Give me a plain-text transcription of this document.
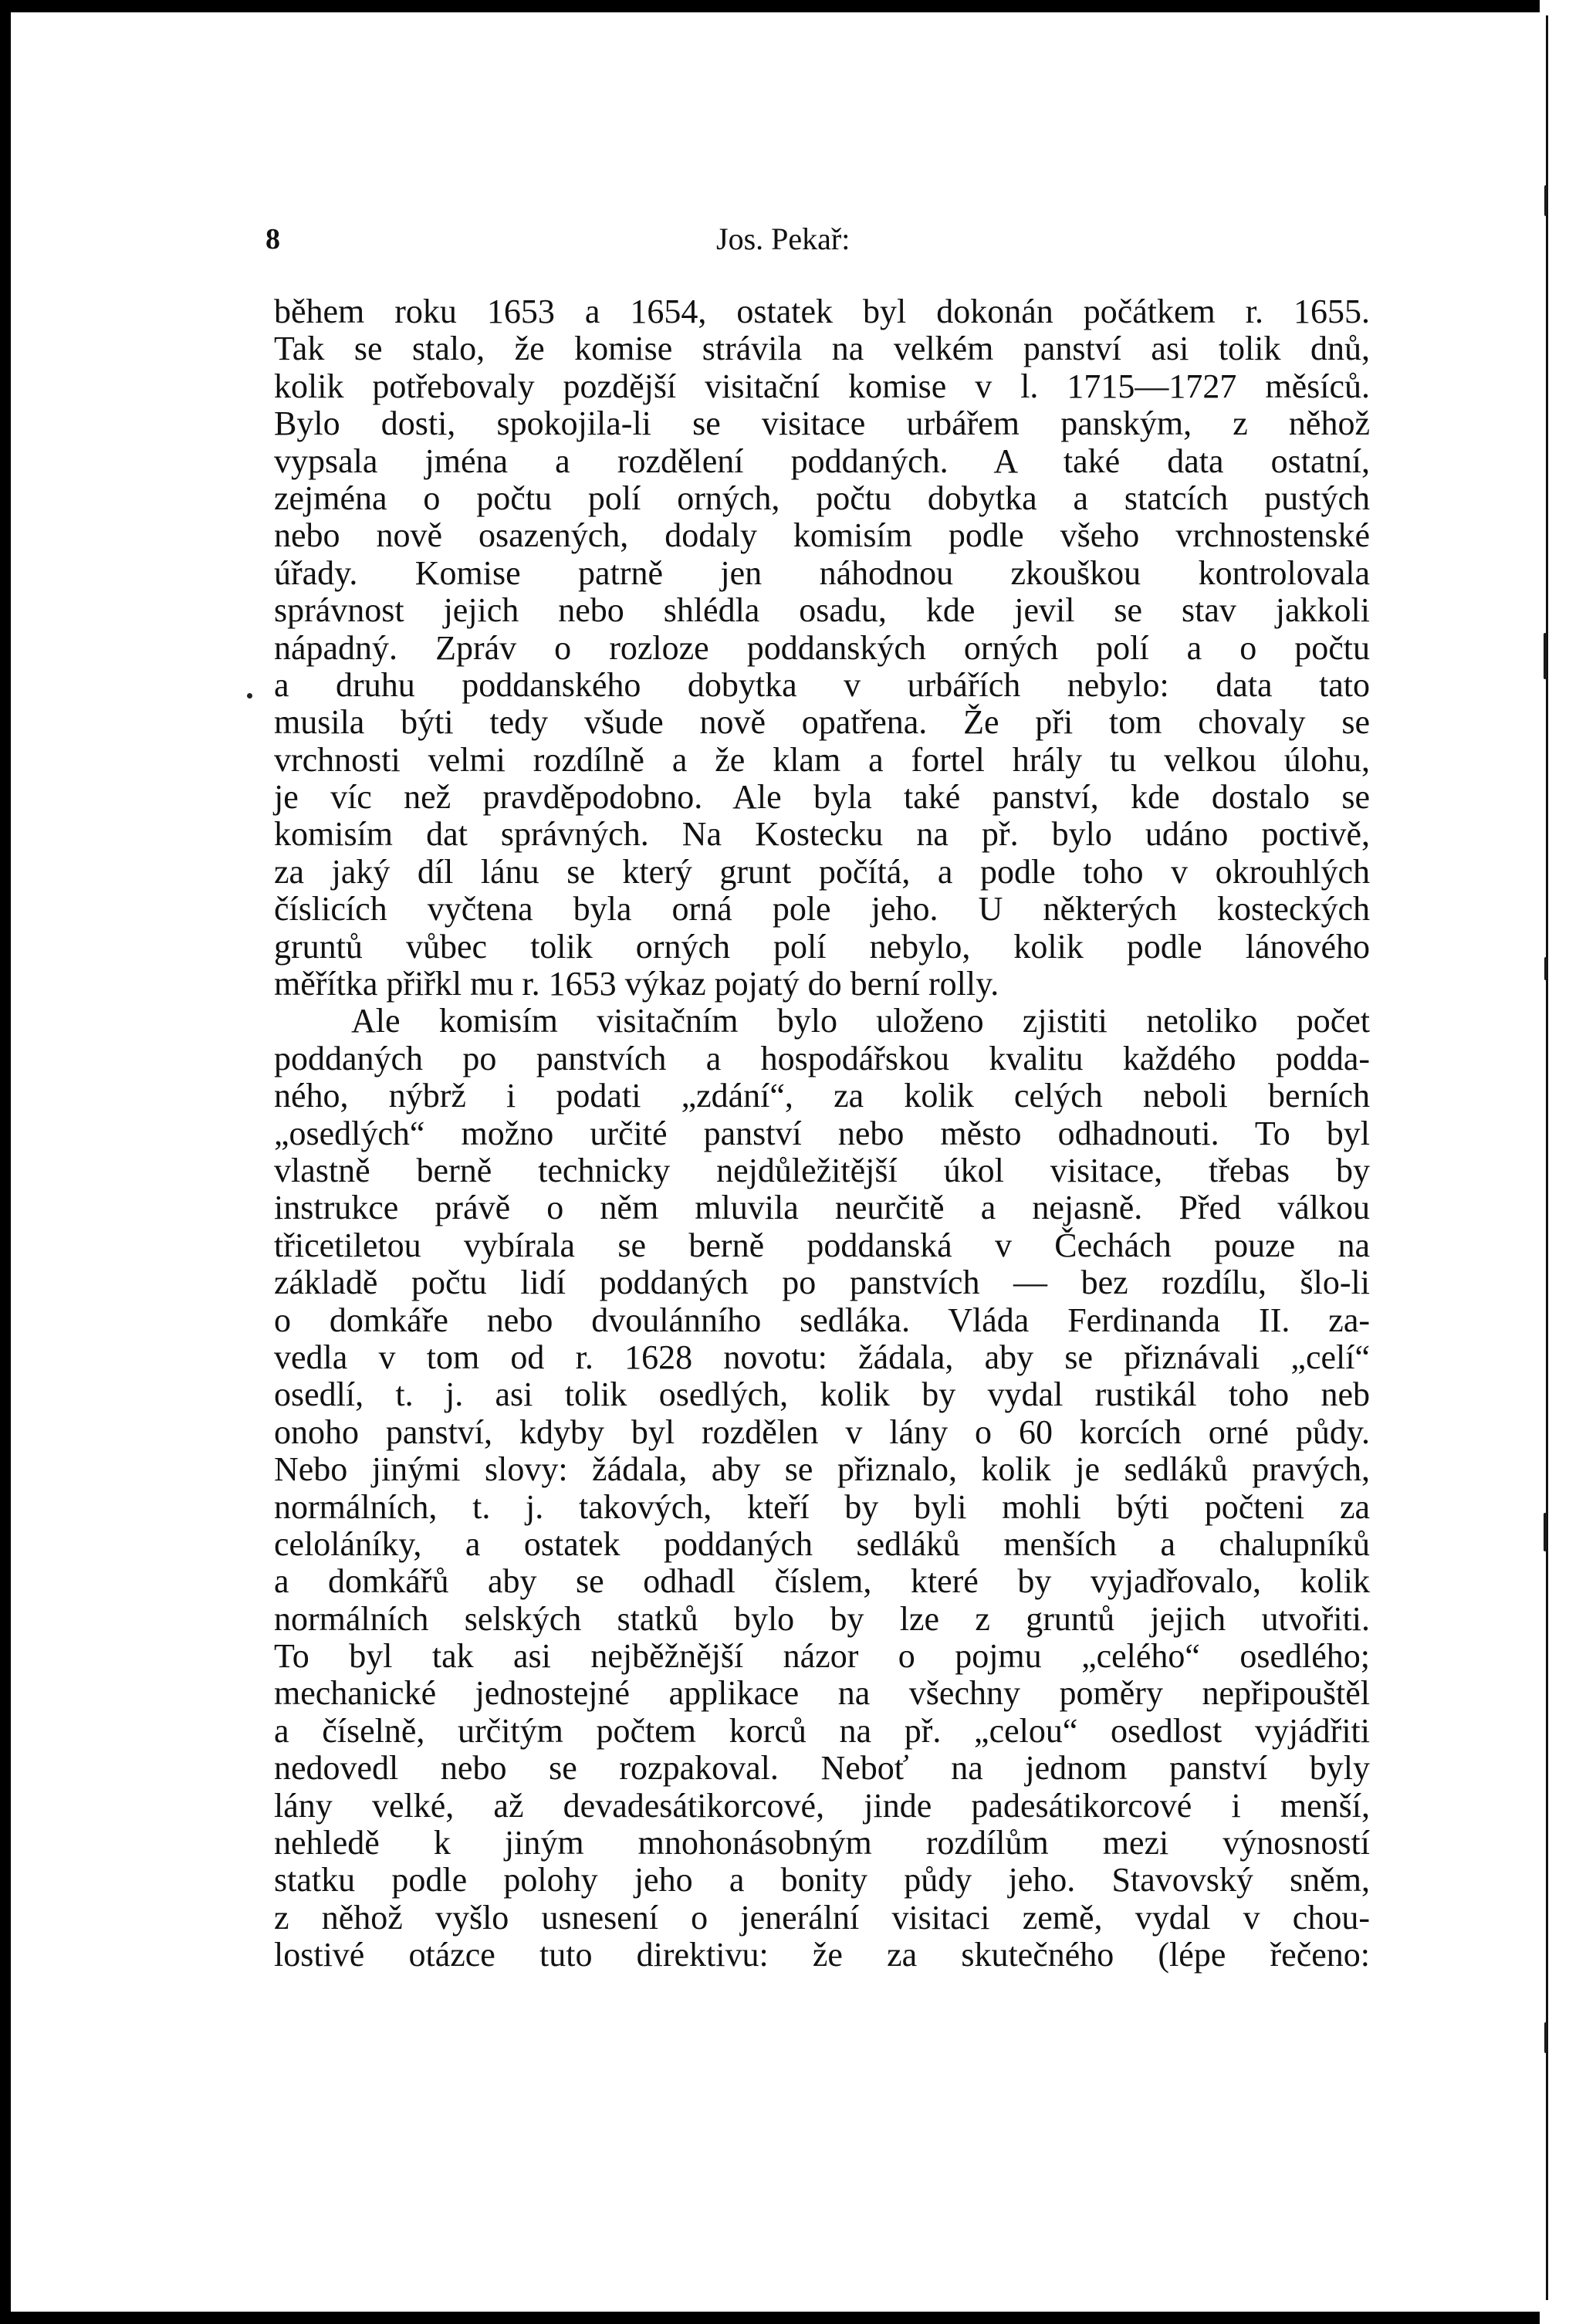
8	Jos. Pekař:
během roku 1653 a 1654, ostatek byl dokonán počátkem r. 1655.
Tak se stalo, že komise strávila na velkém panství asi tolik dnů,
kolik potřebovaly pozdější visitační komise v l. 1715—1727 měsíců.
Bylo dosti, spokojila-li se visitace urbářem panským, z něhož
vypsala jména a rozdělení poddaných. A také data ostatní,
zejména o počtu polí orných, počtu dobytka a statcích pustých
nebo nově osazených, dodaly komisím podle všeho vrchnostenské
úřady. Komise patrně jen náhodnou zkouškou kontrolovala
správnost jejich nebo shlédla osadu, kde jevil se stav jakkoli
nápadný. Zpráv o rozloze poddanských orných polí a o počtu
a druhu poddanského dobytka v urbářích nebylo: data tato
musila býti tedy všude nově opatřena. Že při tom chovaly se
vrchnosti velmi rozdílně a že klam a fortel hrály tu velkou úlohu,
je víc než pravděpodobno. Ale byla také panství, kde dostalo se
komisím dat správných. Na Kostecku na př. bylo udáno poctivě,
za jaký díl lánu se který grunt počítá, a podle toho v okrouhlých
číslicích vyčtena byla orná pole jeho. U některých kosteckých
gruntů vůbec tolik orných polí nebylo, kolik podle lánového
měřítka přiřkl mu r. 1653 výkaz pojatý do berní rolly.
Ale komisím visitačním bylo uloženo zjistiti netoliko počet
poddaných po panstvích a hospodářskou kvalitu každého podda-
ného, nýbrž i podati „zdání“, za kolik celých neboli berních
„osedlých“ možno určité panství nebo město odhadnouti. To byl
vlastně berně technicky nejdůležitější úkol visitace, třebas by
instrukce právě o něm mluvila neurčitě a nejasně. Před válkou
třicetiletou vybírala se berně poddanská v Čechách pouze na
základě počtu lidí poddaných po panstvích — bez rozdílu, šlo-li
o domkáře nebo dvoulánního sedláka. Vláda Ferdinanda II. za-
vedla v tom od r. 1628 novotu: žádala, aby se přiznávali „celí“
osedlí, t. j. asi tolik osedlých, kolik by vydal rustikál toho neb
onoho panství, kdyby byl rozdělen v lány o 60 korcích orné půdy.
Nebo jinými slovy: žádala, aby se přiznalo, kolik je sedláků pravých,
normálních, t. j. takových, kteří by byli mohli býti počteni za
celoláníky, a ostatek poddaných sedláků menších a chalupníků
a domkářů aby se odhadl číslem, které by vyjadřovalo, kolik
normálních selských statků bylo by lze z gruntů jejich utvořiti.
To byl tak asi nejběžnější názor o pojmu „celého“ osedlého;
mechanické jednostejné applikace na všechny poměry nepřipouštěl
a číselně, určitým počtem korců na př. „celou“ osedlost vyjádřiti
nedovedl nebo se rozpakoval. Neboť na jednom panství byly
lány velké, až devadesátikorcové, jinde padesátikorcové i menší,
nehledě k jiným mnohonásobným rozdílům mezi výnosností
statku podle polohy jeho a bonity půdy jeho. Stavovský sněm,
z něhož vyšlo usnesení o jenerální visitaci země, vydal v chou-
lostivé otázce tuto direktivu: že za skutečného (lépe řečeno:
